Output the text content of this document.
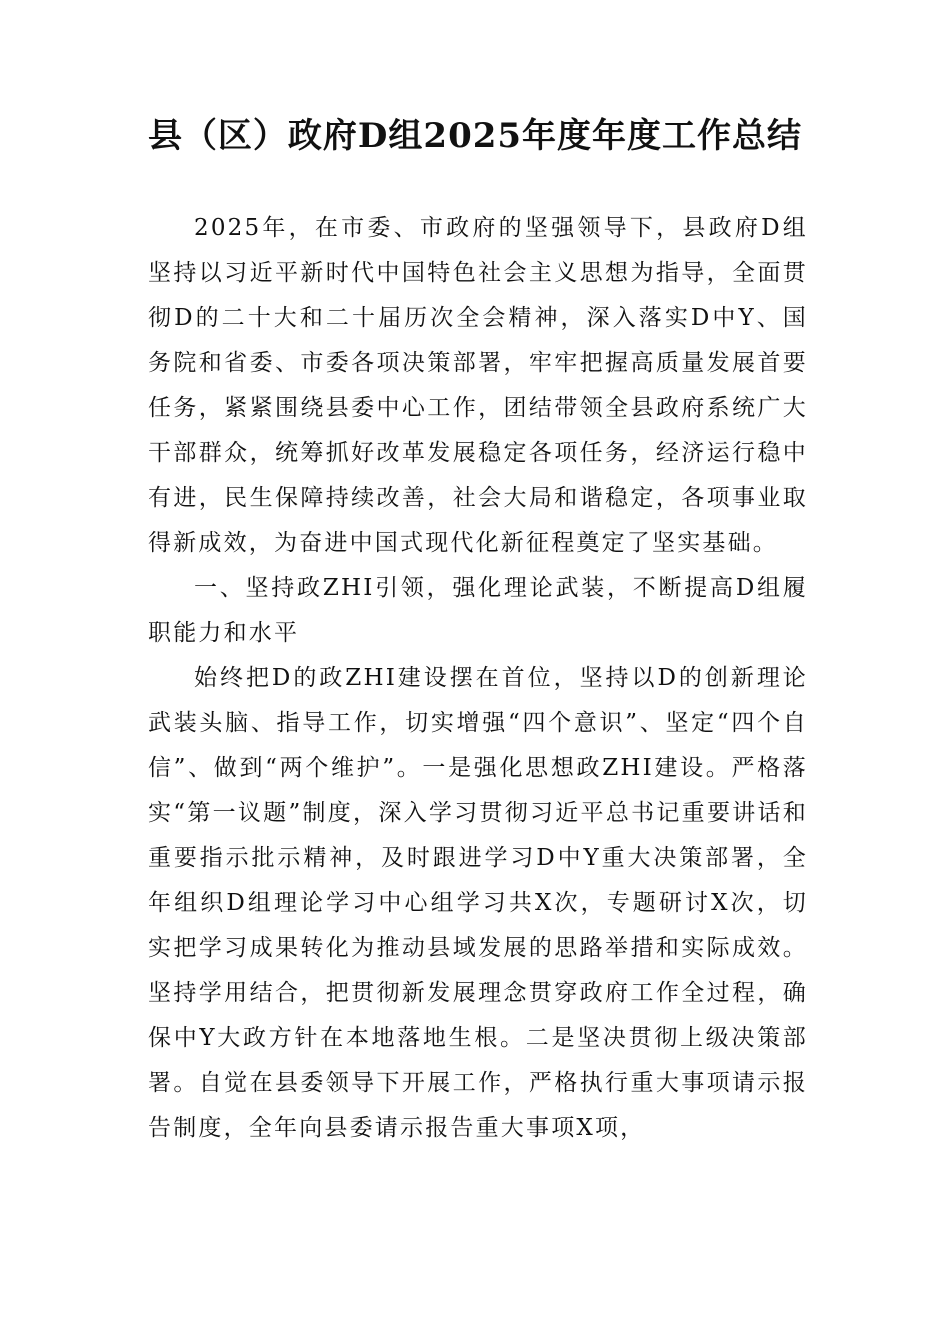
县（区）政府D组2025年度年度工作总结

2025年，在市委、市政府的坚强领导下，县政府D组坚持以习近平新时代中国特色社会主义思想为指导，全面贯彻D的二十大和二十届历次全会精神，深入落实D中Y、国务院和省委、市委各项决策部署，牢牢把握高质量发展首要任务，紧紧围绕县委中心工作，团结带领全县政府系统广大干部群众，统筹抓好改革发展稳定各项任务，经济运行稳中有进，民生保障持续改善，社会大局和谐稳定，各项事业取得新成效，为奋进中国式现代化新征程奠定了坚实基础。

一、坚持政ZHI引领，强化理论武装，不断提高D组履职能力和水平

始终把D的政ZHI建设摆在首位，坚持以D的创新理论武装头脑、指导工作，切实增强“四个意识”、坚定“四个自信”、做到“两个维护”。一是强化思想政ZHI建设。严格落实“第一议题”制度，深入学习贯彻习近平总书记重要讲话和重要指示批示精神，及时跟进学习D中Y重大决策部署，全年组织D组理论学习中心组学习共X次，专题研讨X次，切实把学习成果转化为推动县域发展的思路举措和实际成效。坚持学用结合，把贯彻新发展理念贯穿政府工作全过程，确保中Y大政方针在本地落地生根。二是坚决贯彻上级决策部署。自觉在县委领导下开展工作，严格执行重大事项请示报告制度，全年向县委请示报告重大事项X项，
